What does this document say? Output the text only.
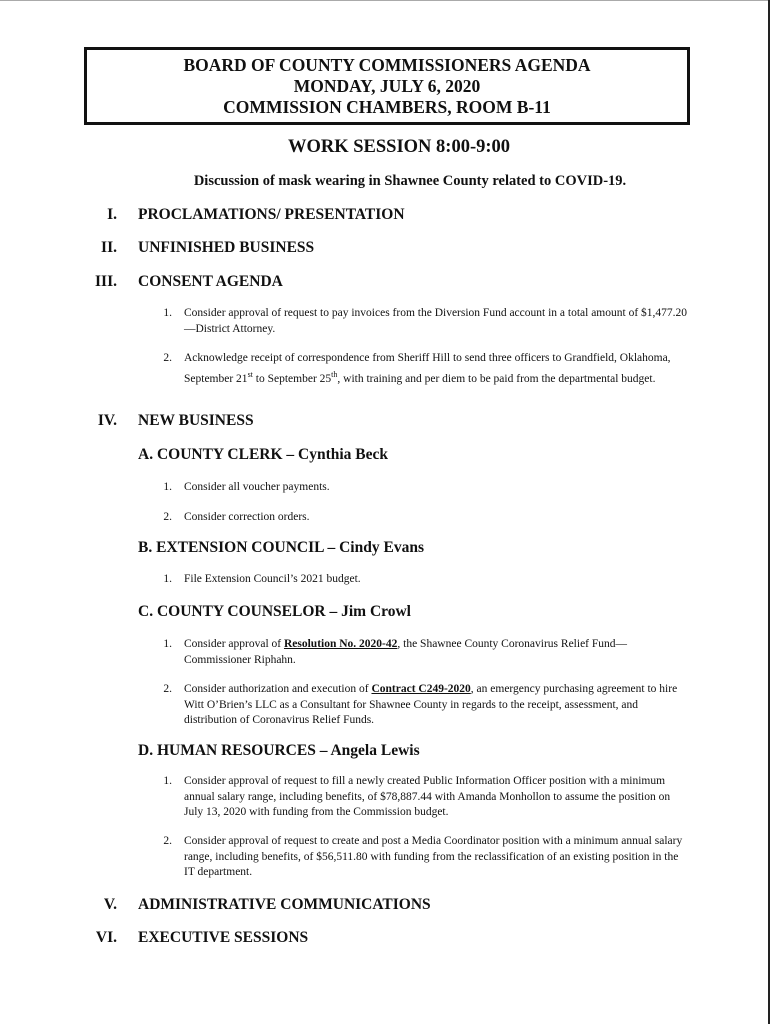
BOARD OF COUNTY COMMISSIONERS AGENDA
MONDAY, JULY 6, 2020
COMMISSION CHAMBERS, ROOM B-11
WORK SESSION 8:00-9:00
Discussion of mask wearing in Shawnee County related to COVID-19.
I. PROCLAMATIONS/ PRESENTATION
II. UNFINISHED BUSINESS
III. CONSENT AGENDA
1. Consider approval of request to pay invoices from the Diversion Fund account in a total amount of $1,477.20—District Attorney.
2. Acknowledge receipt of correspondence from Sheriff Hill to send three officers to Grandfield, Oklahoma, September 21st to September 25th, with training and per diem to be paid from the departmental budget.
IV. NEW BUSINESS
A. COUNTY CLERK – Cynthia Beck
1. Consider all voucher payments.
2. Consider correction orders.
B. EXTENSION COUNCIL – Cindy Evans
1. File Extension Council’s 2021 budget.
C. COUNTY COUNSELOR – Jim Crowl
1. Consider approval of Resolution No. 2020-42, the Shawnee County Coronavirus Relief Fund—Commissioner Riphahn.
2. Consider authorization and execution of Contract C249-2020, an emergency purchasing agreement to hire Witt O’Brien’s LLC as a Consultant for Shawnee County in regards to the receipt, assessment, and distribution of Coronavirus Relief Funds.
D. HUMAN RESOURCES – Angela Lewis
1. Consider approval of request to fill a newly created Public Information Officer position with a minimum annual salary range, including benefits, of $78,887.44 with Amanda Monhollon to assume the position on July 13, 2020 with funding from the Commission budget.
2. Consider approval of request to create and post a Media Coordinator position with a minimum annual salary range, including benefits, of $56,511.80 with funding from the reclassification of an existing position in the IT department.
V. ADMINISTRATIVE COMMUNICATIONS
VI. EXECUTIVE SESSIONS
